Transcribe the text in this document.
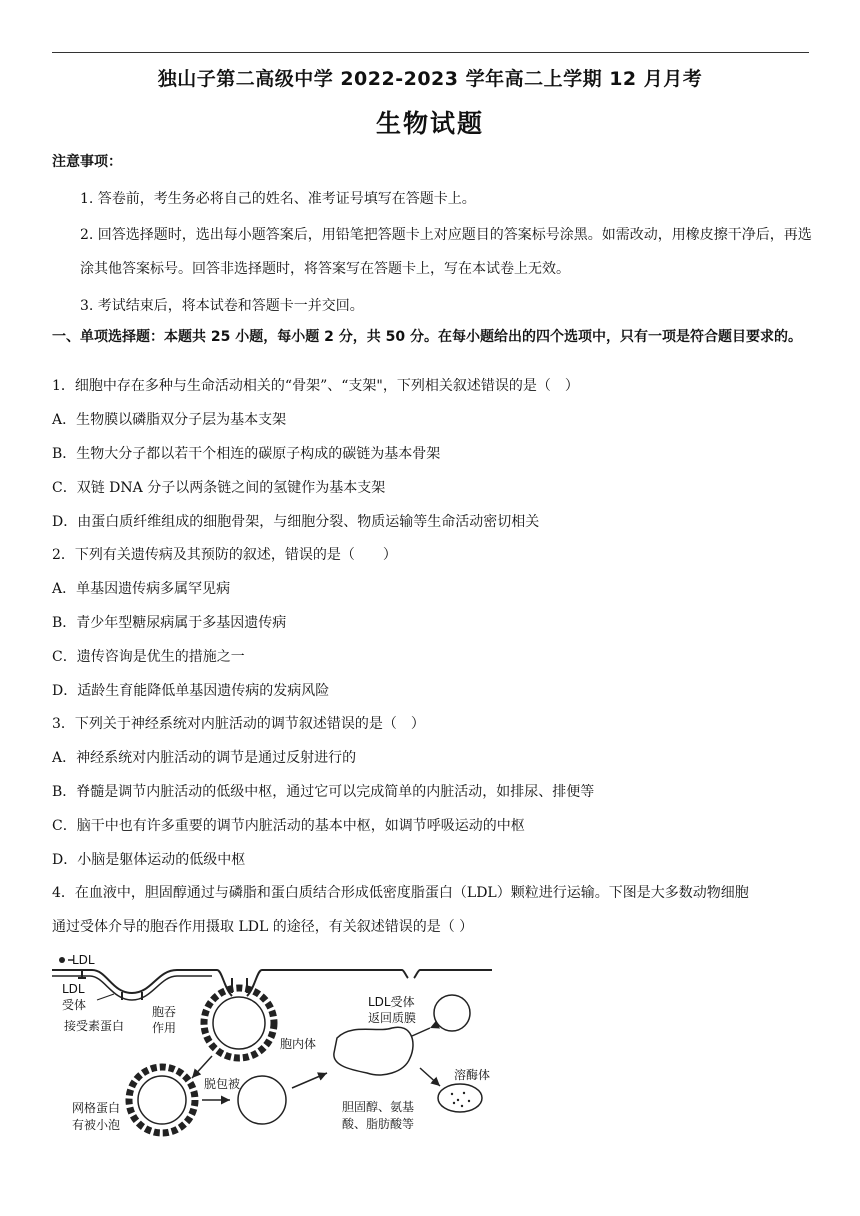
独山子第二高级中学 2022-2023 学年高二上学期 12 月月考
生物试题
注意事项：
1. 答卷前，考生务必将自己的姓名、准考证号填写在答题卡上。
2. 回答选择题时，选出每小题答案后，用铅笔把答题卡上对应题目的答案标号涂黑。如需改动，用橡皮擦干净后，再选涂其他答案标号。回答非选择题时，将答案写在答题卡上，写在本试卷上无效。
3. 考试结束后，将本试卷和答题卡一并交回。
一、单项选择题：本题共 25 小题，每小题 2 分，共 50 分。在每小题给出的四个选项中，只有一项是符合题目要求的。
1．细胞中存在多种与生命活动相关的“骨架”、“支架"，下列相关叙述错误的是（　）
A．生物膜以磷脂双分子层为基本支架
B．生物大分子都以若干个相连的碳原子构成的碳链为基本骨架
C．双链 DNA 分子以两条链之间的氢键作为基本支架
D．由蛋白质纤维组成的细胞骨架，与细胞分裂、物质运输等生命活动密切相关
2．下列有关遗传病及其预防的叙述，错误的是（　　）
A．单基因遗传病多属罕见病
B．青少年型糖尿病属于多基因遗传病
C．遗传咨询是优生的措施之一
D．适龄生育能降低单基因遗传病的发病风险
3．下列关于神经系统对内脏活动的调节叙述错误的是（　）
A．神经系统对内脏活动的调节是通过反射进行的
B．脊髓是调节内脏活动的低级中枢，通过它可以完成简单的内脏活动，如排尿、排便等
C．脑干中也有许多重要的调节内脏活动的基本中枢，如调节呼吸运动的中枢
D．小脑是躯体运动的低级中枢
4．在血液中，胆固醇通过与磷脂和蛋白质结合形成低密度脂蛋白（LDL）颗粒进行运输。下图是大多数动物细胞
通过受体介导的胞吞作用摄取 LDL 的途径，有关叙述错误的是（ ）
LDL
LDL
受体
接受素蛋白
胞吞
作用
网格蛋白
有被小泡
脱包被
胞内体
LDL受体
返回质膜
溶酶体
胆固醇、氨基
酸、脂肪酸等
